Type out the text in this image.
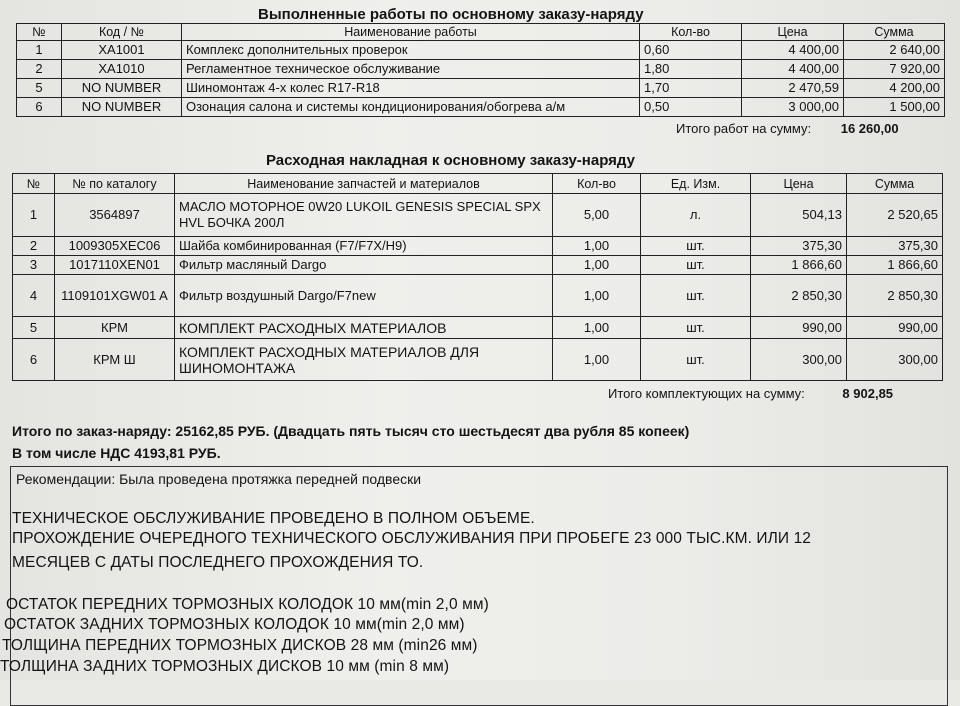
Выполненные работы по основному заказу-наряду
№	Код / №	Наименование работы	Кол-во	Цена	Сумма
1	XA1001	Комплекс дополнительных проверок	0,60	4 400,00	2 640,00
2	XA1010	Регламентное техническое обслуживание	1,80	4 400,00	7 920,00
5	NO NUMBER	Шиномонтаж 4-х колес R17-R18	1,70	2 470,59	4 200,00
6	NO NUMBER	Озонация салона и системы кондиционирования/обогрева а/м	0,50	3 000,00	1 500,00
Итого работ на сумму: 16 260,00
Расходная накладная к основному заказу-наряду
№	№ по каталогу	Наименование запчастей и материалов	Кол-во	Ед. Изм.	Цена	Сумма
1	3564897	МАСЛО МОТОРНОЕ 0W20 LUKOIL GENESIS SPECIAL SPX HVL БОЧКА 200Л	5,00	л.	504,13	2 520,65
2	1009305XEC06	Шайба комбинированная (F7/F7X/H9)	1,00	шт.	375,30	375,30
3	1017110XEN01	Фильтр масляный Dargo	1,00	шт.	1 866,60	1 866,60
4	1109101XGW01 A	Фильтр воздушный Dargo/F7new	1,00	шт.	2 850,30	2 850,30
5	КРМ	КОМПЛЕКТ РАСХОДНЫХ МАТЕРИАЛОВ	1,00	шт.	990,00	990,00
6	КРМ Ш	КОМПЛЕКТ РАСХОДНЫХ МАТЕРИАЛОВ ДЛЯ ШИНОМОНТАЖА	1,00	шт.	300,00	300,00
Итого комплектующих на сумму:	8 902,85
Итого по заказ-наряду: 25162,85 РУБ. (Двадцать пять тысяч сто шестьдесят два рубля 85 копеек)
В том числе НДС 4193,81 РУБ.
Рекомендации: Была проведена протяжка передней подвески
ТЕХНИЧЕСКОЕ ОБСЛУЖИВАНИЕ ПРОВЕДЕНО В ПОЛНОМ ОБЪЕМЕ.
ПРОХОЖДЕНИЕ ОЧЕРЕДНОГО ТЕХНИЧЕСКОГО ОБСЛУЖИВАНИЯ ПРИ ПРОБЕГЕ 23 000 ТЫС.КМ. ИЛИ 12
МЕСЯЦЕВ С ДАТЫ ПОСЛЕДНЕГО ПРОХОЖДЕНИЯ ТО.
ОСТАТОК ПЕРЕДНИХ ТОРМОЗНЫХ КОЛОДОК 10 мм(min 2,0 мм)
ОСТАТОК ЗАДНИХ ТОРМОЗНЫХ КОЛОДОК 10 мм(min 2,0 мм)
ТОЛЩИНА ПЕРЕДНИХ ТОРМОЗНЫХ ДИСКОВ 28 мм (min26 мм)
ТОЛЩИНА ЗАДНИХ ТОРМОЗНЫХ ДИСКОВ 10 мм (min 8 мм)
